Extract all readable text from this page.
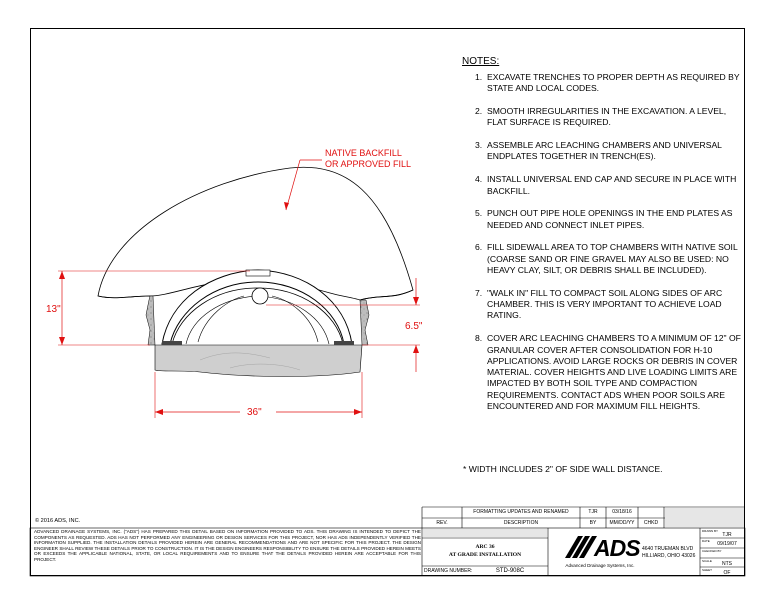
NATIVE BACKFILL
OR APPROVED FILL
13"
6.5"
36"
NOTES:
1. EXCAVATE TRENCHES TO PROPER DEPTH AS REQUIRED BY STATE AND LOCAL CODES.
2. SMOOTH IRREGULARITIES IN THE EXCAVATION. A LEVEL, FLAT SURFACE IS REQUIRED.
3. ASSEMBLE ARC LEACHING CHAMBERS AND UNIVERSAL ENDPLATES TOGETHER IN TRENCH(ES).
4. INSTALL UNIVERSAL END CAP AND SECURE IN PLACE WITH BACKFILL.
5. PUNCH OUT PIPE HOLE OPENINGS IN THE END PLATES AS NEEDED AND CONNECT INLET PIPES.
6. FILL SIDEWALL AREA TO TOP CHAMBERS WITH NATIVE SOIL (COARSE SAND OR FINE GRAVEL MAY ALSO BE USED: NO HEAVY CLAY, SILT, OR DEBRIS SHALL BE INCLUDED).
7. "WALK IN" FILL TO COMPACT SOIL ALONG SIDES OF ARC CHAMBER. THIS IS VERY IMPORTANT TO ACHIEVE LOAD RATING.
8. COVER ARC LEACHING CHAMBERS TO A MINIMUM OF 12" OF GRANULAR COVER AFTER CONSOLIDATION FOR H-10 APPLICATIONS. AVOID LARGE ROCKS OR DEBRIS IN COVER MATERIAL. COVER HEIGHTS AND LIVE LOADING LIMITS ARE IMPACTED BY BOTH SOIL TYPE AND COMPACTION REQUIREMENTS. CONTACT ADS WHEN POOR SOILS ARE ENCOUNTERED AND FOR MAXIMUM FILL HEIGHTS.
* WIDTH INCLUDES 2" OF SIDE WALL DISTANCE.
© 2016 ADS, INC.
ADVANCED DRAINAGE SYSTEMS, INC. ("ADS") HAS PREPARED THIS DETAIL BASED ON INFORMATION PROVIDED TO ADS. THIS DRAWING IS INTENDED TO DEPICT THE COMPONENTS AS REQUESTED. ADS HAS NOT PERFORMED ANY ENGINEERING OR DESIGN SERVICES FOR THIS PROJECT, NOR HAS ADS INDEPENDENTLY VERIFIED THE INFORMATION SUPPLIED. THE INSTALLATION DETAILS PROVIDED HEREIN ARE GENERAL RECOMMENDATIONS AND ARE NOT SPECIFIC FOR THIS PROJECT. THE DESIGN ENGINEER SHALL REVIEW THESE DETAILS PRIOR TO CONSTRUCTION. IT IS THE DESIGN ENGINEERS RESPONSIBILITY TO ENSURE THE DETAILS PROVIDED HEREIN MEETS OR EXCEEDS THE APPLICABLE NATIONAL, STATE, OR LOCAL REQUIREMENTS AND TO ENSURE THAT THE DETAILS PROVIDED HEREIN ARE ACCEPTABLE FOR THIS PROJECT.
FORMATTING UPDATES AND RENAMED	TJR	03/18/16
REV.	DESCRIPTION	BY	MM/DD/YY	CHKD
ARC 36
AT GRADE INSTALLATION
DRAWING NUMBER:	STD-908C
ADS
Advanced Drainage Systems, Inc.
4640 TRUEMAN BLVD
HILLIARD, OHIO 43026
DRAWN BY
TJR
DATE	09/19/07
CHECKED BY
SCALE	NTS
SHEET	OF
